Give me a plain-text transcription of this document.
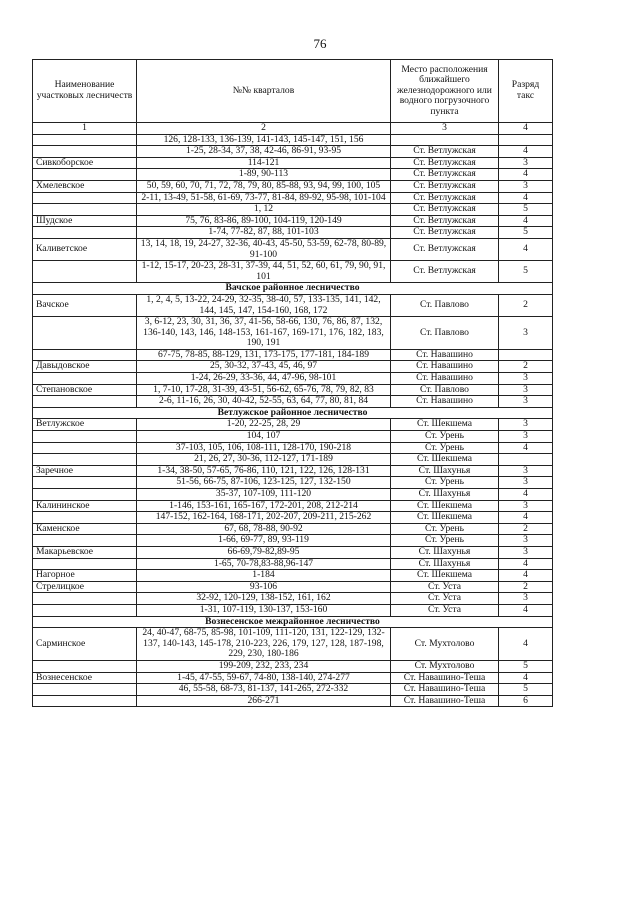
76
Наименование участковых лесничеств	№№ кварталов	Место расположения ближайшего железнодорожного или водного погрузочного пункта	Разряд такс
1	2	3	4
	126, 128-133, 136-139, 141-143, 145-147, 151, 156		
	1-25, 28-34, 37, 38, 42-46, 86-91, 93-95	Ст. Ветлужская	4
Сивкоборское	114-121	Ст. Ветлужская	3
	1-89, 90-113	Ст. Ветлужская	4
Хмелевское	50, 59, 60, 70, 71, 72, 78, 79, 80, 85-88, 93, 94, 99, 100, 105	Ст. Ветлужская	3
	2-11, 13-49, 51-58, 61-69, 73-77, 81-84, 89-92, 95-98, 101-104	Ст. Ветлужская	4
	1, 12	Ст. Ветлужская	5
Шудское	75, 76, 83-86, 89-100, 104-119, 120-149	Ст. Ветлужская	4
	1-74, 77-82, 87, 88, 101-103	Ст. Ветлужская	5
Каливетское	13, 14, 18, 19, 24-27, 32-36, 40-43, 45-50, 53-59, 62-78, 80-89, 91-100	Ст. Ветлужская	4
	1-12, 15-17, 20-23, 28-31, 37-39, 44, 51, 52, 60, 61, 79, 90, 91, 101	Ст. Ветлужская	5
Вачское районное лесничество			
Вачское	1, 2, 4, 5, 13-22, 24-29, 32-35, 38-40, 57, 133-135, 141, 142, 144, 145, 147, 154-160, 168, 172	Ст. Павлово	2
	3, 6-12, 23, 30, 31, 36, 37, 41-56, 58-66, 130, 76, 86, 87, 132, 136-140, 143, 146, 148-153, 161-167, 169-171, 176, 182, 183, 190, 191	Ст. Павлово	3
	67-75, 78-85, 88-129, 131, 173-175, 177-181, 184-189	Ст. Навашино	
Давыдовское	25, 30-32, 37-43, 45, 46, 97	Ст. Навашино	2
	1-24, 26-29, 33-36, 44, 47-96, 98-101	Ст. Навашино	3
Степановское	1, 7-10, 17-28, 31-39, 43-51, 56-62, 65-76, 78, 79, 82, 83	Ст. Павлово	3
	2-6, 11-16, 26, 30, 40-42, 52-55, 63, 64, 77, 80, 81, 84	Ст. Навашино	3
Ветлужское районное лесничество			
Ветлужское	1-20, 22-25, 28, 29	Ст. Шекшема	3
	104, 107	Ст. Урень	3
	37-103, 105, 106, 108-111, 128-170, 190-218	Ст. Урень	4
	21, 26, 27, 30-36, 112-127, 171-189	Ст. Шекшема	
Заречное	1-34, 38-50, 57-65, 76-86, 110, 121, 122, 126, 128-131	Ст. Шахунья	3
	51-56, 66-75, 87-106, 123-125, 127, 132-150	Ст. Урень	3
	35-37, 107-109, 111-120	Ст. Шахунья	4
Калининское	1-146, 153-161, 165-167, 172-201, 208, 212-214	Ст. Шекшема	3
	147-152, 162-164, 168-171, 202-207, 209-211, 215-262	Ст. Шекшема	4
Каменское	67, 68, 78-88, 90-92	Ст. Урень	2
	1-66, 69-77, 89, 93-119	Ст. Урень	3
Макарьевское	66-69,79-82,89-95	Ст. Шахунья	3
	1-65, 70-78,83-88,96-147	Ст. Шахунья	4
Нагорное	1-184	Ст. Шекшема	4
Стрелицкое	93-106	Ст. Уста	2
	32-92, 120-129, 138-152, 161, 162	Ст. Уста	3
	1-31, 107-119, 130-137, 153-160	Ст. Уста	4
Вознесенское межрайонное лесничество			
Сарминское	24, 40-47, 68-75, 85-98, 101-109, 111-120, 131, 122-129, 132-137, 140-143, 145-178, 210-223, 226, 179, 127, 128, 187-198, 229, 230, 180-186	Ст. Мухтолово	4
	199-209, 232, 233, 234	Ст. Мухтолово	5
Вознесенское	1-45, 47-55, 59-67, 74-80, 138-140, 274-277	Ст. Навашино-Теша	4
	46, 55-58, 68-73, 81-137, 141-265, 272-332	Ст. Навашино-Теша	5
	266-271	Ст. Навашино-Теша	6
